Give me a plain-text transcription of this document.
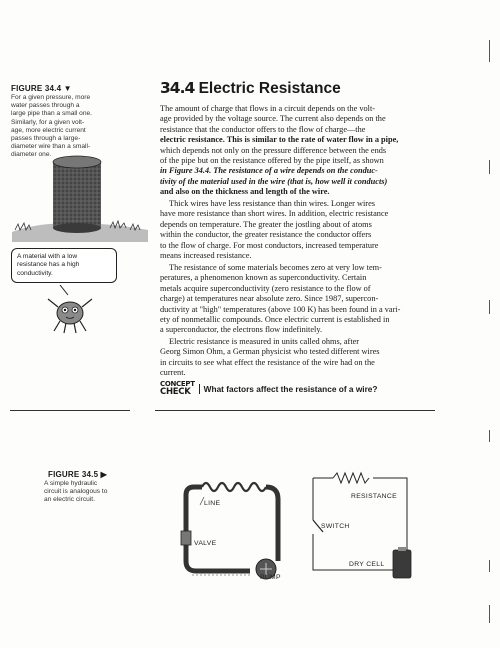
FIGURE 34.4 ▼
For a given pressure, more
water passes through a
large pipe than a small one.
Similarly, for a given volt-
age, more electric current
passes through a large-
diameter wire than a small-
diameter one.
A material with a low
resistance has a high
conductivity.
34.4 Electric Resistance
The amount of charge that flows in a circuit depends on the volt-
age provided by the voltage source. The current also depends on the
resistance that the conductor offers to the flow of charge—the
electric resistance. This is similar to the rate of water flow in a pipe,
which depends not only on the pressure difference between the ends
of the pipe but on the resistance offered by the pipe itself, as shown
in Figure 34.4. The resistance of a wire depends on the conduc-
tivity of the material used in the wire (that is, how well it conducts)
and also on the thickness and length of the wire.
Thick wires have less resistance than thin wires. Longer wires
have more resistance than short wires. In addition, electric resistance
depends on temperature. The greater the jostling about of atoms
within the conductor, the greater resistance the conductor offers
to the flow of charge. For most conductors, increased temperature
means increased resistance.
The resistance of some materials becomes zero at very low tem-
peratures, a phenomenon known as superconductivity. Certain
metals acquire superconductivity (zero resistance to the flow of
charge) at temperatures near absolute zero. Since 1987, supercon-
ductivity at "high" temperatures (above 100 K) has been found in a vari-
ety of nonmetallic compounds. Once electric current is established in
a superconductor, the electrons flow indefinitely.
Electric resistance is measured in units called ohms, after
Georg Simon Ohm, a German physicist who tested different wires
in circuits to see what effect the resistance of the wire had on the
current.
CONCEPT
CHECK	What factors affect the resistance of a wire?
FIGURE 34.5 ▶
A simple hydraulic
circuit is analogous to
an electric circuit.
LINE
VALVE
PUMP
RESISTANCE
SWITCH
DRY CELL
